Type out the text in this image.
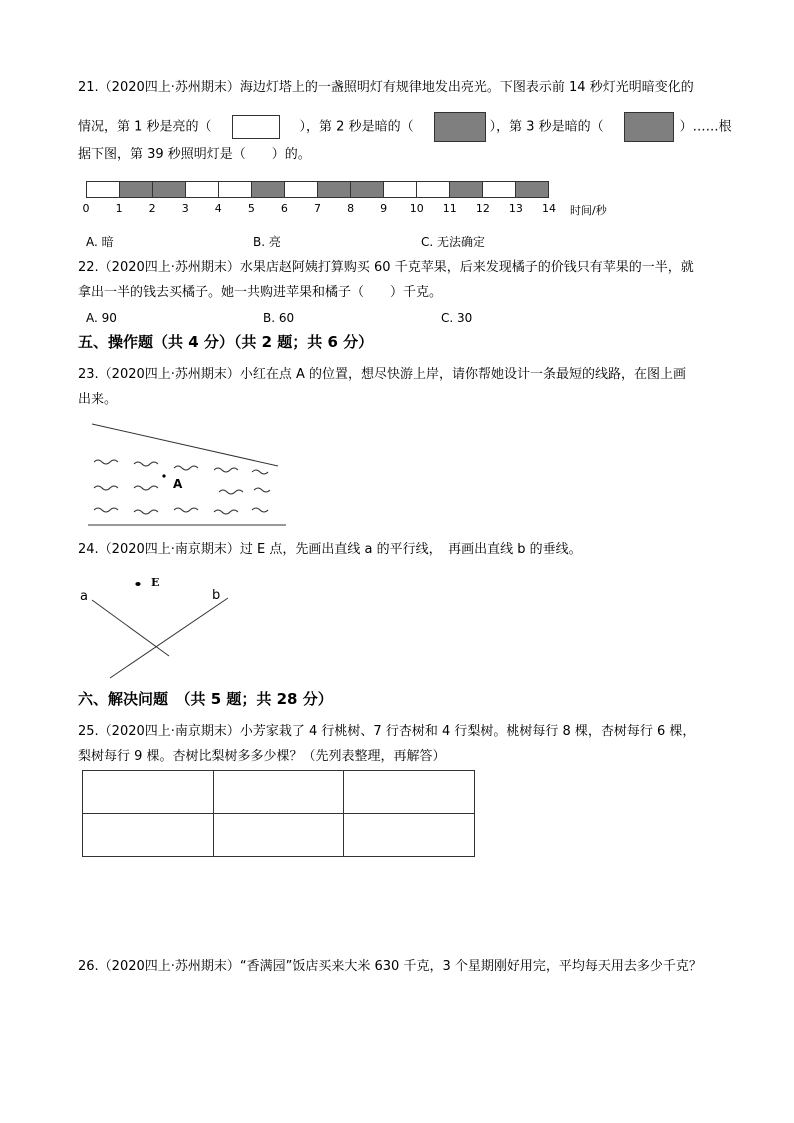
21.（2020四上·苏州期末）海边灯塔上的一盏照明灯有规律地发出亮光。下图表示前 14 秒灯光明暗变化的
情况，第 1 秒是亮的（	），第 2 秒是暗的（	），第 3 秒是暗的（	）……根
据下图，第 39 秒照明灯是（　　）的。
0 1 2 3 4 5 6 7 8 9 10 11 12 13 14 时间/秒
A. 暗	B. 亮	C. 无法确定
22.（2020四上·苏州期末）水果店赵阿姨打算购买 60 千克苹果，后来发现橘子的价钱只有苹果的一半，就
拿出一半的钱去买橘子。她一共购进苹果和橘子（　　）千克。
A. 90	B. 60	C. 30
五、操作题（共 4 分）（共 2 题；共 6 分）
23.（2020四上·苏州期末）小红在点 A 的位置，想尽快游上岸，请你帮她设计一条最短的线路，在图上画
出来。
A
24.（2020四上·南京期末）过 E 点，先画出直线 a 的平行线，　再画出直线 b 的垂线。
a	b
E
六、解决问题　（共 5 题；共 28 分）
25.（2020四上·南京期末）小芳家栽了 4 行桃树、7 行杏树和 4 行梨树。桃树每行 8 棵，杏树每行 6 棵，
梨树每行 9 棵。杏树比梨树多多少棵？（先列表整理，再解答）

26.（2020四上·苏州期末）“香满园”饭店买来大米 630 千克，3 个星期刚好用完，平均每天用去多少千克？
